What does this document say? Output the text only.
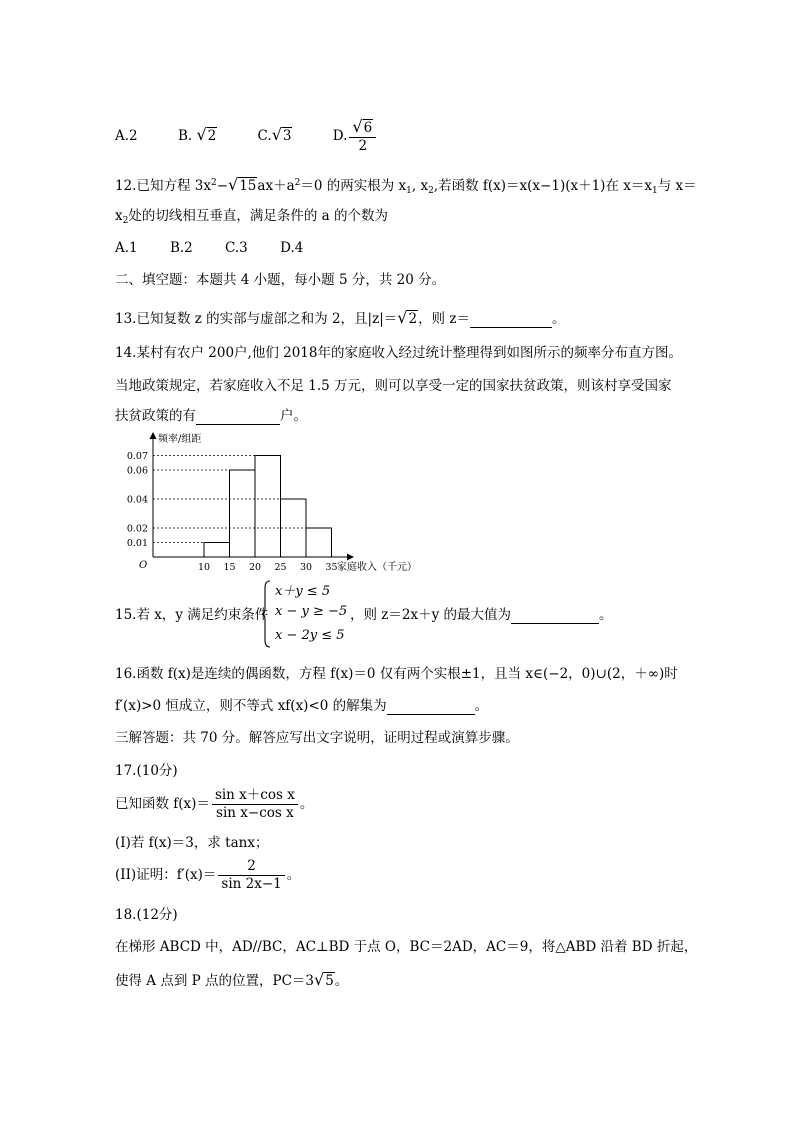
A.2	B. √2	C.√3	D. $\frac{√6}{2}$
12.已知方程 $3x^2-√15ax+a^2=0$ 的两实根为 $x_1$, $x_2$,若函数 f(x)＝x(x−1)(x＋1)在 $x=x_1$与 x＝
$x_2$处的切线相互垂直，满足条件的 a 的个数为
A.1 B.2 C.3 D.4
二、填空题：本题共 4 小题，每小题 5 分，共 20 分。
13.已知复数 z 的实部与虚部之和为 2，且|z|＝√2，则 z＝	。
14.某村有农户 200户,他们 2018年的家庭收入经过统计整理得到如图所示的频率分布直方图。
当地政策规定，若家庭收入不足 1.5 万元，则可以享受一定的国家扶贫政策，则该村享受国家
扶贫政策的有	户。
频率/组距
家庭收入（千元）
O
0.01
0.02
0.04
0.06
0.07
10 15 20 25 30 35
15.若 x，y 满足约束条件
x＋y ≤ 5
x − y ≥ −5
x − 2y ≤ 5
，则 z＝2x＋y 的最大值为	。
16.函数 f(x)是连续的偶函数，方程 f(x)＝0 仅有两个实根±1，且当 x∈(−2，0)∪(2，＋∞)时
f′(x)>0 恒成立，则不等式 xf(x)<0 的解集为	。
三解答题：共 70 分。解答应写出文字说明，证明过程或演算步骤。
17.(10分)
已知函数 $f(x)= \frac{\text{sin x＋cos x}}{\text{sin x−cos x}}$ 。
(I)若 f(x)＝3，求 tanx；
(II)证明：$f'(x)= \frac{2}{\sin 2x-1}$ 。
18.(12分)
在梯形 ABCD 中，AD//BC，AC⊥BD 于点 O，BC＝2AD，AC＝9，将△ABD 沿着 BD 折起，
使得 A 点到 P 点的位置，PC＝3√5。
